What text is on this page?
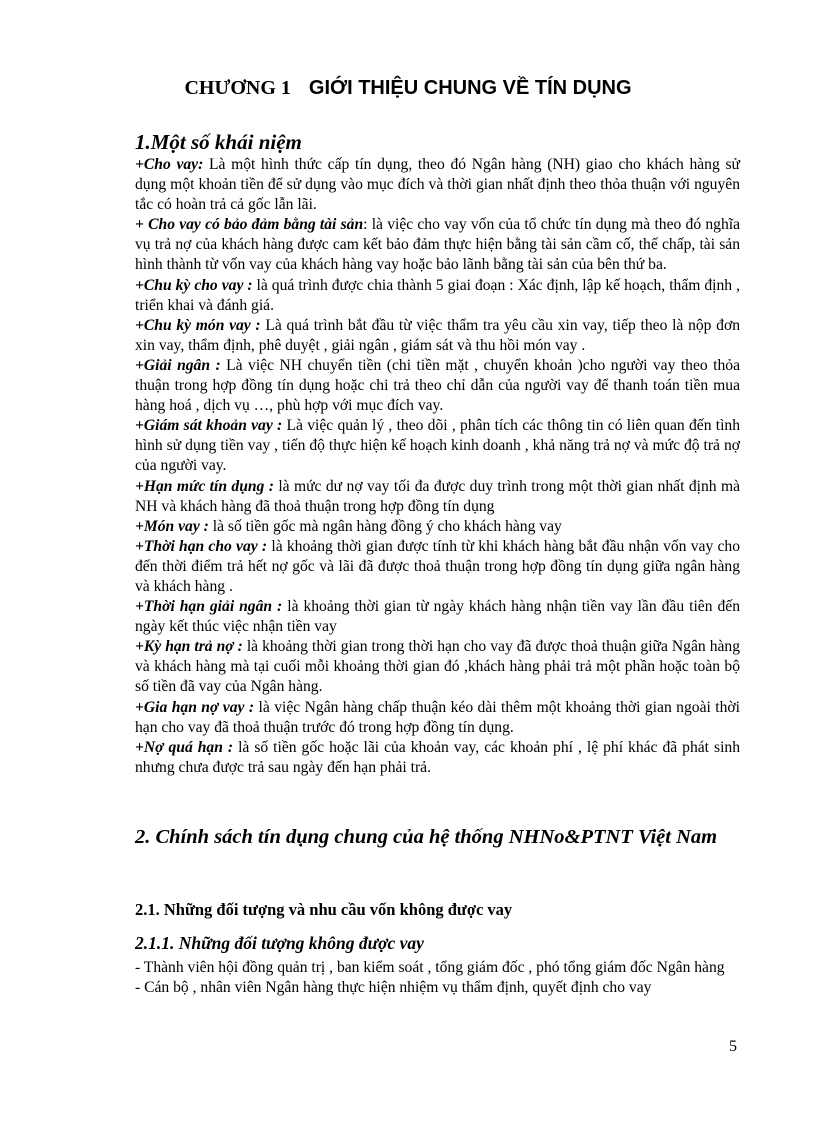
CHƯƠNG 1 GIỚI THIỆU CHUNG VỀ TÍN DỤNG
1.Một số khái niệm

+Cho vay: Là một hình thức cấp tín dụng, theo đó Ngân hàng (NH) giao cho khách hàng sử dụng một khoản tiền để sử dụng vào mục đích và thời gian nhất định theo thỏa thuận với nguyên tắc có hoàn trả cả gốc lẫn lãi.

+ Cho vay có bảo đảm bằng tài sản: là việc cho vay vốn của tổ chức tín dụng mà theo đó nghĩa vụ trả nợ của khách hàng được cam kết bảo đảm thực hiện bằng tài sản cầm cố, thế chấp, tài sản hình thành từ vốn vay của khách hàng vay hoặc bảo lãnh bằng tài sản của bên thứ ba.

+Chu kỳ cho vay : là quá trình được chia thành 5 giai đoạn : Xác định, lập kế hoạch, thẩm định , triển khai và đánh giá.

+Chu kỳ món vay : Là quá trình bắt đầu từ việc thẩm tra yêu cầu xin vay, tiếp theo là nộp đơn xin vay, thẩm định, phê duyệt , giải ngân , giám sát và thu hồi món vay .

+Giải ngân : Là việc NH chuyển tiền (chi tiền mặt , chuyển khoản )cho người vay theo thỏa thuận trong hợp đồng tín dụng hoặc chi trả theo chỉ dẫn của người vay để thanh toán tiền mua hàng hoá , dịch vụ …, phù hợp với mục đích vay.

+Giám sát khoản vay : Là việc quản lý , theo dõi , phân tích các thông tin có liên quan đến tình hình sử dụng tiền vay , tiến độ thực hiện kế hoạch kinh doanh , khả năng trả nợ và mức độ trả nợ của người vay.

+Hạn mức tín dụng : là mức dư nợ vay tối đa được duy trình trong một thời gian nhất định mà NH và khách hàng đã thoả thuận trong hợp đồng tín dụng

+Món vay : là số tiền gốc mà ngân hàng đồng ý cho khách hàng vay

+Thời hạn cho vay : là khoảng thời gian được tính từ khi khách hàng bắt đầu nhận vốn vay cho đến thời điểm trả hết nợ gốc và lãi đã được thoả thuận trong hợp đồng tín dụng giữa ngân hàng và khách hàng .

+Thời hạn giải ngân : là khoảng thời gian từ ngày khách hàng nhận tiền vay lần đầu tiên đến ngày kết thúc việc nhận tiền vay

+Kỳ hạn trả nợ : là khoảng thời gian trong thời hạn cho vay đã được thoả thuận giữa Ngân hàng và khách hàng mà tại cuối mỗi khoảng thời gian đó ,khách hàng phải trả một phần hoặc toàn bộ số tiền đã vay của Ngân hàng.

+Gia hạn nợ vay : là việc Ngân hàng chấp thuận kéo dài thêm một khoảng thời gian ngoài thời hạn cho vay đã thoả thuận trước đó trong hợp đồng tín dụng.

+Nợ quá hạn : là số tiền gốc hoặc lãi của khoản vay, các khoản phí , lệ phí khác đã phát sinh nhưng chưa được trả sau ngày đến hạn phải trả.

2. Chính sách tín dụng chung của hệ thống NHNo&PTNT Việt Nam
2.1. Những đối tượng và nhu cầu vốn không được vay
2.1.1. Những đối tượng không được vay

- Thành viên hội đồng quản trị , ban kiểm soát , tổng giám đốc , phó tổng giám đốc Ngân hàng

- Cán bộ , nhân viên Ngân hàng thực hiện nhiệm vụ thẩm định, quyết định cho vay

5
